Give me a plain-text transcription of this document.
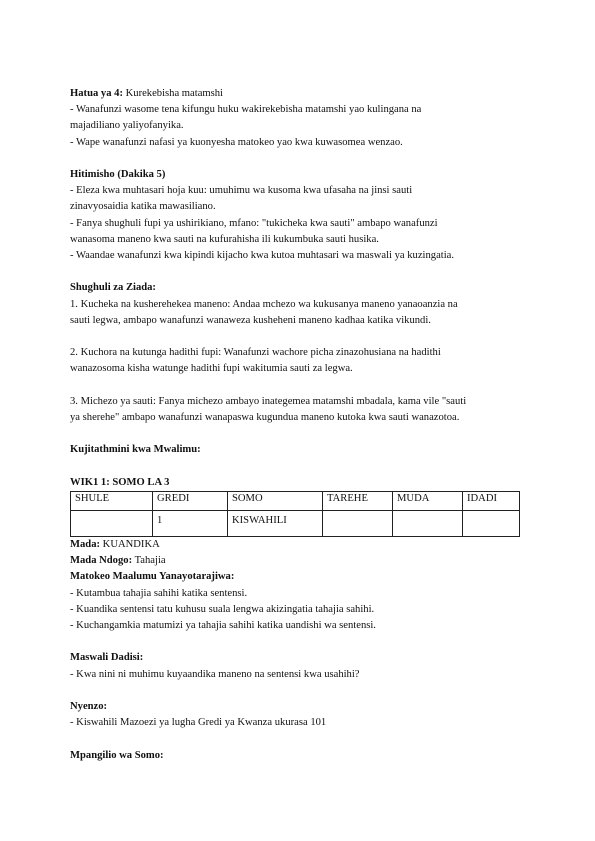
Hatua ya 4: Kurekebisha matamshi
- Wanafunzi wasome tena kifungu huku wakirekebisha matamshi yao kulingana na
majadiliano yaliyofanyika.
- Wape wanafunzi nafasi ya kuonyesha matokeo yao kwa kuwasomea wenzao.
Hitimisho (Dakika 5)
- Eleza kwa muhtasari hoja kuu: umuhimu wa kusoma kwa ufasaha na jinsi sauti
zinavyosaidia katika mawasiliano.
- Fanya shughuli fupi ya ushirikiano, mfano: "tukicheka kwa sauti" ambapo wanafunzi
wanasoma maneno kwa sauti na kufurahisha ili kukumbuka sauti husika.
- Waandae wanafunzi kwa kipindi kijacho kwa kutoa muhtasari wa maswali ya kuzingatia.
Shughuli za Ziada:
1. Kucheka na kusherehekea maneno: Andaa mchezo wa kukusanya maneno yanaoanzia na
sauti legwa, ambapo wanafunzi wanaweza kusheheni maneno kadhaa katika vikundi.
2. Kuchora na kutunga hadithi fupi: Wanafunzi wachore picha zinazohusiana na hadithi
wanazosoma kisha watunge hadithi fupi wakitumia sauti za legwa.
3. Michezo ya sauti: Fanya michezo ambayo inategemea matamshi mbadala, kama vile "sauti
ya sherehe" ambapo wanafunzi wanapaswa kugundua maneno kutoka kwa sauti wanazotoa.
Kujitathmini kwa Mwalimu:
WIK1 1: SOMO LA 3
SHULE	GREDI	SOMO	TAREHE	MUDA	IDADI
	1	KISWAHILI			
Mada: KUANDIKA
Mada Ndogo: Tahajia
Matokeo Maalumu Yanayotarajiwa:
- Kutambua tahajia sahihi katika sentensi.
- Kuandika sentensi tatu kuhusu suala lengwa akizingatia tahajia sahihi.
- Kuchangamkia matumizi ya tahajia sahihi katika uandishi wa sentensi.
Maswali Dadisi:
- Kwa nini ni muhimu kuyaandika maneno na sentensi kwa usahihi?
Nyenzo:
- Kiswahili Mazoezi ya lugha Gredi ya Kwanza ukurasa 101
Mpangilio wa Somo:
